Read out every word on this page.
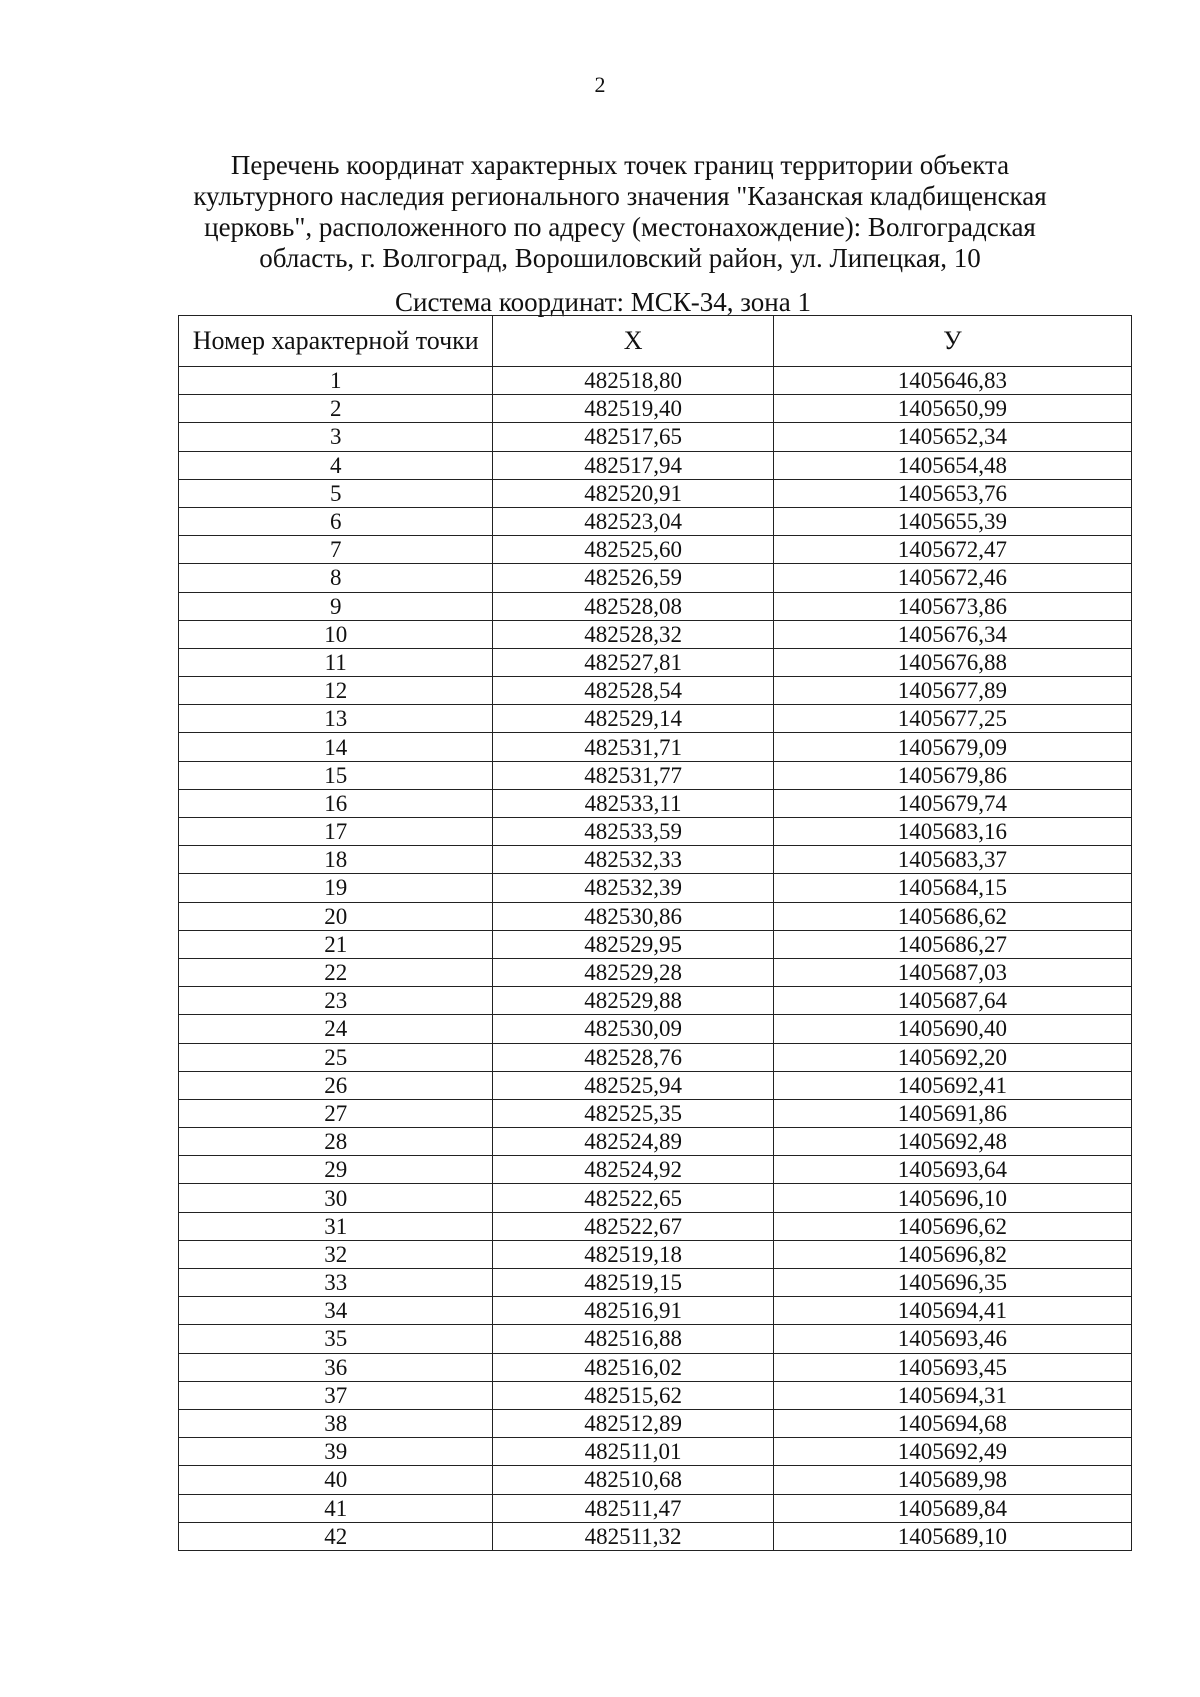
2
Перечень координат характерных точек границ территории объекта
культурного наследия регионального значения "Казанская кладбищенская
церковь", расположенного по адресу (местонахождение): Волгоградская
область, г. Волгоград, Ворошиловский район, ул. Липецкая, 10
Система координат: МСК-34, зона 1
Номер характерной точки	Х	У
1	482518,80	1405646,83
2	482519,40	1405650,99
3	482517,65	1405652,34
4	482517,94	1405654,48
5	482520,91	1405653,76
6	482523,04	1405655,39
7	482525,60	1405672,47
8	482526,59	1405672,46
9	482528,08	1405673,86
10	482528,32	1405676,34
11	482527,81	1405676,88
12	482528,54	1405677,89
13	482529,14	1405677,25
14	482531,71	1405679,09
15	482531,77	1405679,86
16	482533,11	1405679,74
17	482533,59	1405683,16
18	482532,33	1405683,37
19	482532,39	1405684,15
20	482530,86	1405686,62
21	482529,95	1405686,27
22	482529,28	1405687,03
23	482529,88	1405687,64
24	482530,09	1405690,40
25	482528,76	1405692,20
26	482525,94	1405692,41
27	482525,35	1405691,86
28	482524,89	1405692,48
29	482524,92	1405693,64
30	482522,65	1405696,10
31	482522,67	1405696,62
32	482519,18	1405696,82
33	482519,15	1405696,35
34	482516,91	1405694,41
35	482516,88	1405693,46
36	482516,02	1405693,45
37	482515,62	1405694,31
38	482512,89	1405694,68
39	482511,01	1405692,49
40	482510,68	1405689,98
41	482511,47	1405689,84
42	482511,32	1405689,10
